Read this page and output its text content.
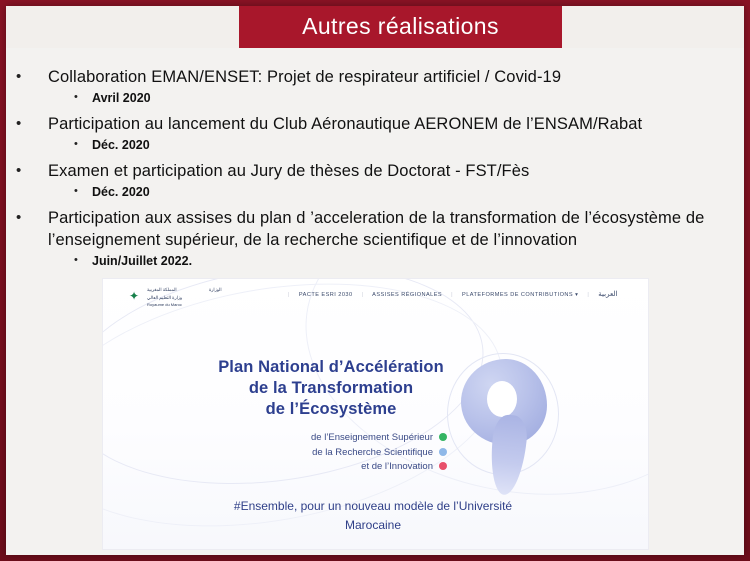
Autres réalisations
• Collaboration EMAN/ENSET: Projet de respirateur artificiel / Covid-19
• Avril 2020
• Participation au lancement du Club Aéronautique AERONEM de l’ENSAM/Rabat
• Déc. 2020
• Examen et participation au Jury de thèses de Doctorat - FST/Fès
• Déc. 2020
• Participation aux assises du plan d ’acceleration de la transformation de l’écosystème de l’enseignement supérieur, de la recherche scientifique et de l’innovation
• Juin/Juillet 2022.
✦	المملكة المغربية
وزارة التعليم العالي
Royaume du Maroc
الوزارة
| PACTE ESRI 2030 | ASSISES RÉGIONALES | PLATEFORMES DE CONTRIBUTIONS ▾ | العربية
Plan National d’Accélération
de la Transformation
de l’Écosystème
de l’Enseignement Supérieur
de la Recherche Scientifique
et de l’Innovation
#Ensemble, pour un nouveau modèle de l’Université
Marocaine
